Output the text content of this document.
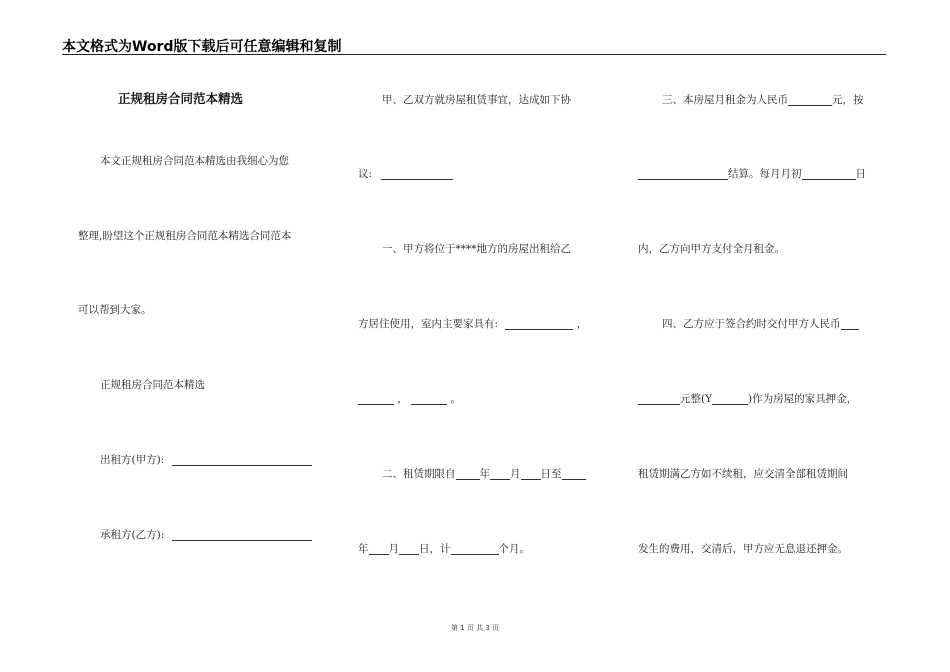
本文格式为Word版下载后可任意编辑和复制
正规租房合同范本精选
本文正规租房合同范本精选由我细心为您
整理,盼望这个正规租房合同范本精选合同范本
可以帮到大家。
正规租房合同范本精选
出租方(甲方):
承租方(乙方):
甲、乙双方就房屋租赁事宜，达成如下协
议:
一、甲方将位于****地方的房屋出租给乙
方居住使用，室内主要家具有:	，
，	。
二、租赁期限自 年 月 日至
年 月 日，计	个月。
三、本房屋月租金为人民币	元，按
结算。每月月初	日
内，乙方向甲方支付全月租金。
四、乙方应于签合约时交付甲方人民币
元整(Y	)作为房屋的家具押金，
租赁期满乙方如不续租，应交清全部租赁期间
发生的费用，交清后，甲方应无息退还押金。
第 1 页 共 3 页
